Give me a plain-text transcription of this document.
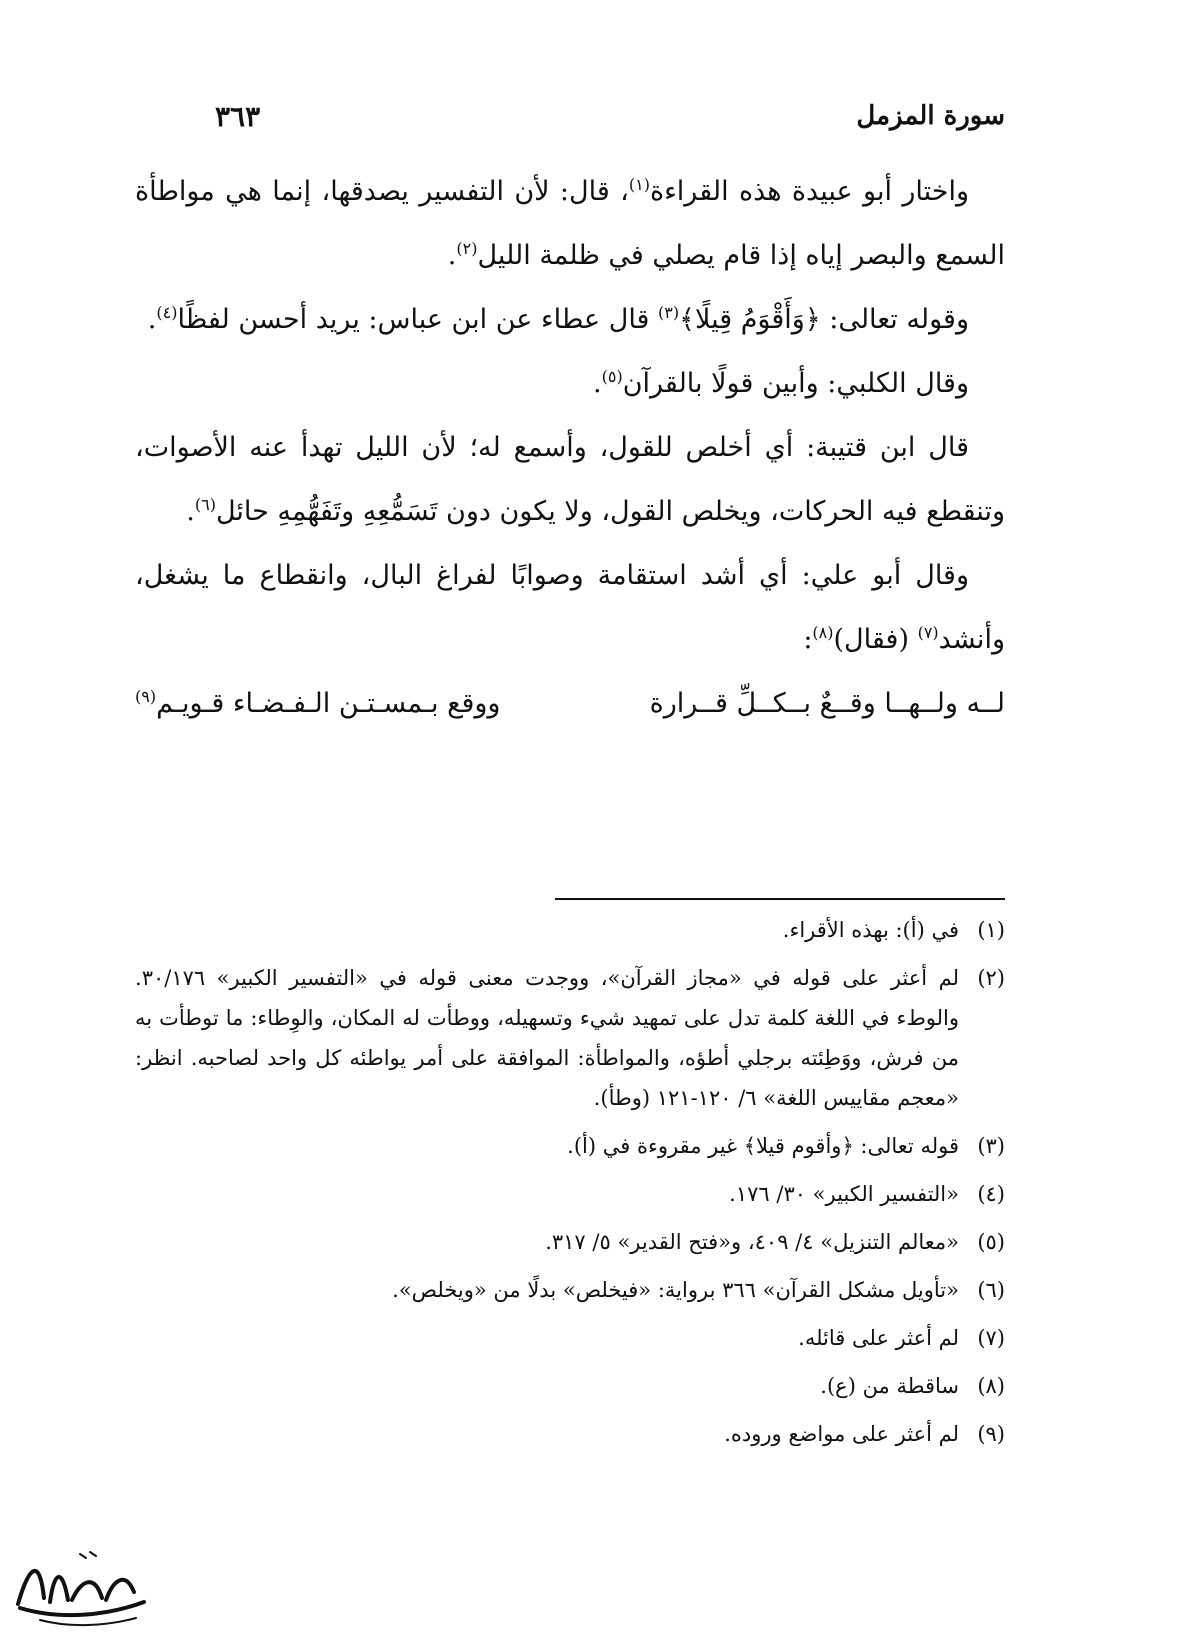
سورة المزمل
٣٦٣

واختار أبو عبيدة هذه القراءة$^{(١)}$، قال: لأن التفسير يصدقها، إنما هي مواطأة السمع والبصر إياه إذا قام يصلي في ظلمة الليل$^{(٢)}$.

وقوله تعالى: ﴿وَأَقْوَمُ قِيلًا﴾$^{(٣)}$ قال عطاء عن ابن عباس: يريد أحسن لفظًا$^{(٤)}$.

وقال الكلبي: وأبين قولًا بالقرآن$^{(٥)}$.

قال ابن قتيبة: أي أخلص للقول، وأسمع له؛ لأن الليل تهدأ عنه الأصوات، وتنقطع فيه الحركات، ويخلص القول، ولا يكون دون تَسَمُّعِهِ وتَفَهُّمِهِ حائل$^{(٦)}$.

وقال أبو علي: أي أشد استقامة وصوابًا لفراغ البال، وانقطاع ما يشغل، وأنشد$^{(٧)}$ (فقال)$^{(٨)}$:

لــه ولــهــا وقــعٌ بــكــلِّ قــرارة
ووقع بـمسـتـن الـفـضـاء قـويـم$^{(٩)}$
(١)
في (أ): بهذه الأقراء.
(٢)
لم أعثر على قوله في «مجاز القرآن»، ووجدت معنى قوله في «التفسير الكبير» ٣٠/١٧٦. والوطء في اللغة كلمة تدل على تمهيد شيء وتسهيله، ووطأت له المكان، والوِطاء: ما توطأت به من فرش، ووَطِئته برجلي أطؤه، والمواطأة: الموافقة على أمر يواطئه كل واحد لصاحبه. انظر: «معجم مقاييس اللغة» ٦/ ١٢٠-١٢١ (وطأ).
(٣)
قوله تعالى: ﴿وأقوم قيلا﴾ غير مقروءة في (أ).
(٤)
«التفسير الكبير» ٣٠/ ١٧٦.
(٥)
«معالم التنزيل» ٤/ ٤٠٩، و«فتح القدير» ٥/ ٣١٧.
(٦)
«تأويل مشكل القرآن» ٣٦٦ برواية: «فيخلص» بدلًا من «ويخلص».
(٧)
لم أعثر على قائله.
(٨)
ساقطة من (ع).
(٩)
لم أعثر على مواضع وروده.
